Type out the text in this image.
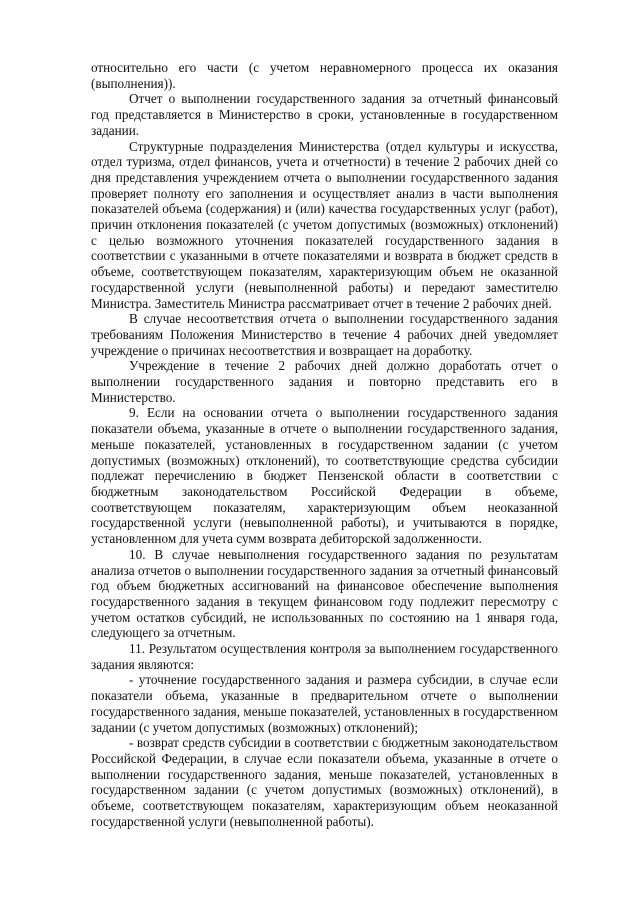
относительно его части (с учетом неравномерного процесса их оказания (выполнения)).

Отчет о выполнении государственного задания за отчетный финансовый год представляется в Министерство в сроки, установленные в государственном задании.

Структурные подразделения Министерства (отдел культуры и искусства, отдел туризма, отдел финансов, учета и отчетности) в течение 2 рабочих дней со дня представления учреждением отчета о выполнении государственного задания проверяет полноту его заполнения и осуществляет анализ в части выполнения показателей объема (содержания) и (или) качества государственных услуг (работ), причин отклонения показателей (с учетом допустимых (возможных) отклонений) с целью возможного уточнения показателей государственного задания в соответствии с указанными в отчете показателями и возврата в бюджет средств в объеме, соответствующем показателям, характеризующим объем не оказанной государственной услуги (невыполненной работы) и передают заместителю Министра. Заместитель Министра рассматривает отчет в течение 2 рабочих дней.

В случае несоответствия отчета о выполнении государственного задания требованиям Положения Министерство в течение 4 рабочих дней уведомляет учреждение о причинах несоответствия и возвращает на доработку.

Учреждение в течение 2 рабочих дней должно доработать отчет о выполнении государственного задания и повторно представить его в Министерство.

9. Если на основании отчета о выполнении государственного задания показатели объема, указанные в отчете о выполнении государственного задания, меньше показателей, установленных в государственном задании (с учетом допустимых (возможных) отклонений), то соответствующие средства субсидии подлежат перечислению в бюджет Пензенской области в соответствии с бюджетным законодательством Российской Федерации в объеме, соответствующем показателям, характеризующим объем неоказанной государственной услуги (невыполненной работы), и учитываются в порядке, установленном для учета сумм возврата дебиторской задолженности.

10. В случае невыполнения государственного задания по результатам анализа отчетов о выполнении государственного задания за отчетный финансовый год объем бюджетных ассигнований на финансовое обеспечение выполнения государственного задания в текущем финансовом году подлежит пересмотру с учетом остатков субсидий, не использованных по состоянию на 1 января года, следующего за отчетным.

11. Результатом осуществления контроля за выполнением государственного задания являются:

- уточнение государственного задания и размера субсидии, в случае если показатели объема, указанные в предварительном отчете о выполнении государственного задания, меньше показателей, установленных в государственном задании (с учетом допустимых (возможных) отклонений);

- возврат средств субсидии в соответствии с бюджетным законодательством Российской Федерации, в случае если показатели объема, указанные в отчете о выполнении государственного задания, меньше показателей, установленных в государственном задании (с учетом допустимых (возможных) отклонений), в объеме, соответствующем показателям, характеризующим объем неоказанной государственной услуги (невыполненной работы).
